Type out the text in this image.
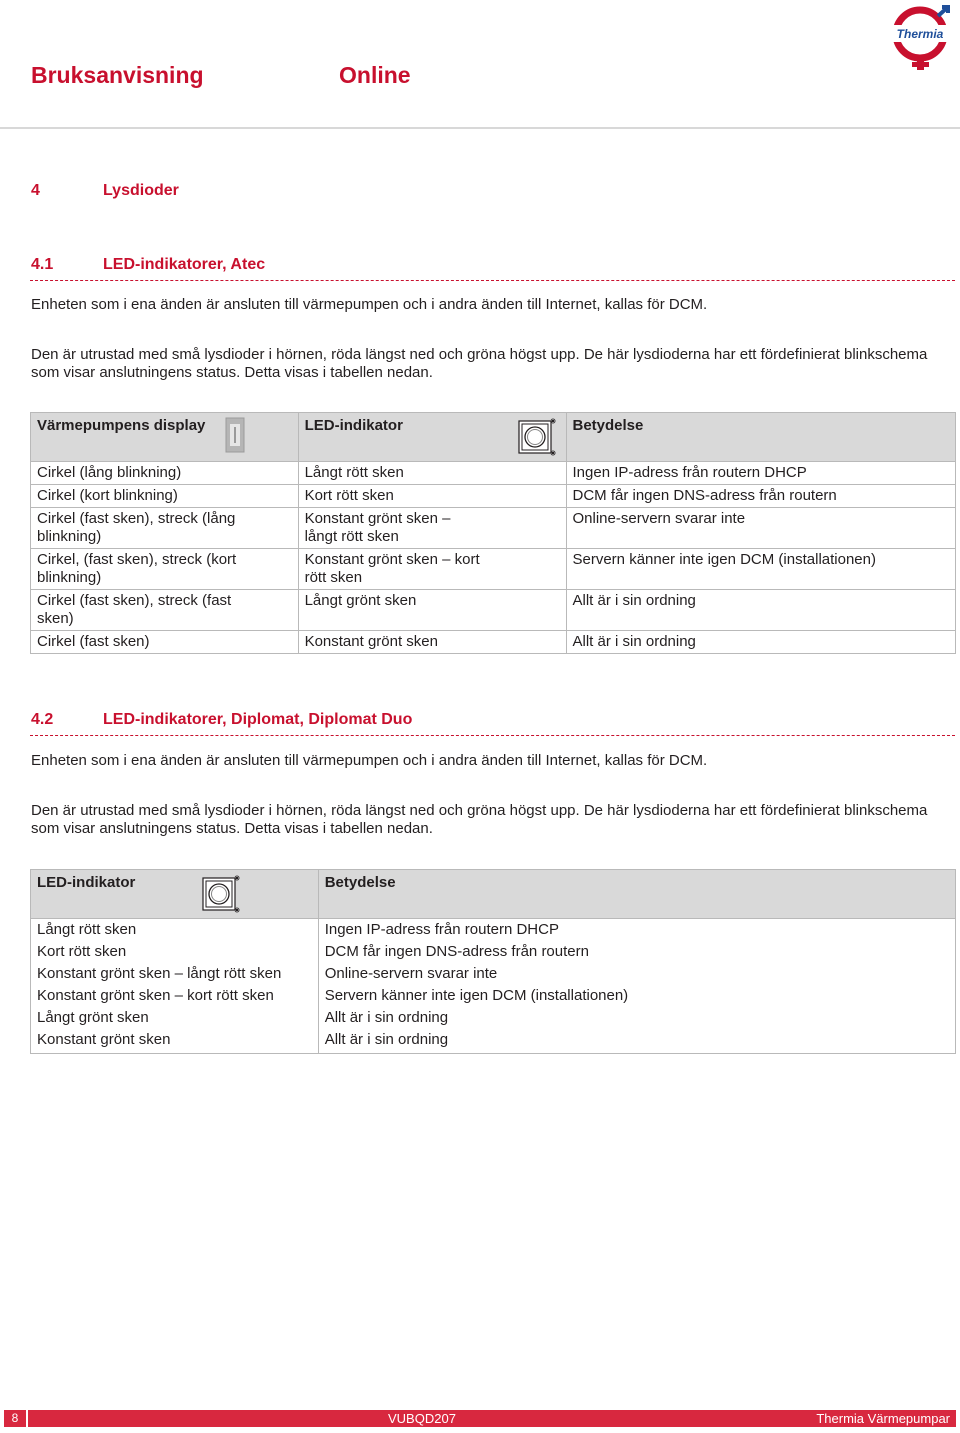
Bruksanvisning	Online
Thermia
4	Lysdioder
4.1	LED-indikatorer, Atec
Enheten som i ena änden är ansluten till värmepumpen och i andra änden till Internet, kallas för DCM.
Den är utrustad med små lysdioder i hörnen, röda längst ned och gröna högst upp. De här lysdioderna har ett fördefinierat blinkschema
som visar anslutningens status. Detta visas i tabellen nedan.
Värmepumpens display	LED-indikator	Betydelse
Cirkel (lång blinkning)	Långt rött sken	Ingen IP-adress från routern DHCP
Cirkel (kort blinkning)	Kort rött sken	DCM får ingen DNS-adress från routern
Cirkel (fast sken), streck (lång blinkning)	Konstant grönt sken – långt rött sken	Online-servern svarar inte
Cirkel, (fast sken), streck (kort blinkning)	Konstant grönt sken – kort rött sken	Servern känner inte igen DCM (installationen)
Cirkel (fast sken), streck (fast sken)	Långt grönt sken	Allt är i sin ordning
Cirkel (fast sken)	Konstant grönt sken	Allt är i sin ordning
4.2	LED-indikatorer, Diplomat, Diplomat Duo
Enheten som i ena änden är ansluten till värmepumpen och i andra änden till Internet, kallas för DCM.
Den är utrustad med små lysdioder i hörnen, röda längst ned och gröna högst upp. De här lysdioderna har ett fördefinierat blinkschema
som visar anslutningens status. Detta visas i tabellen nedan.
LED-indikator	Betydelse
Långt rött sken	Ingen IP-adress från routern DHCP
Kort rött sken	DCM får ingen DNS-adress från routern
Konstant grönt sken – långt rött sken	Online-servern svarar inte
Konstant grönt sken – kort rött sken	Servern känner inte igen DCM (installationen)
Långt grönt sken	Allt är i sin ordning
Konstant grönt sken	Allt är i sin ordning
8	VUBQD207	Thermia Värmepumpar
